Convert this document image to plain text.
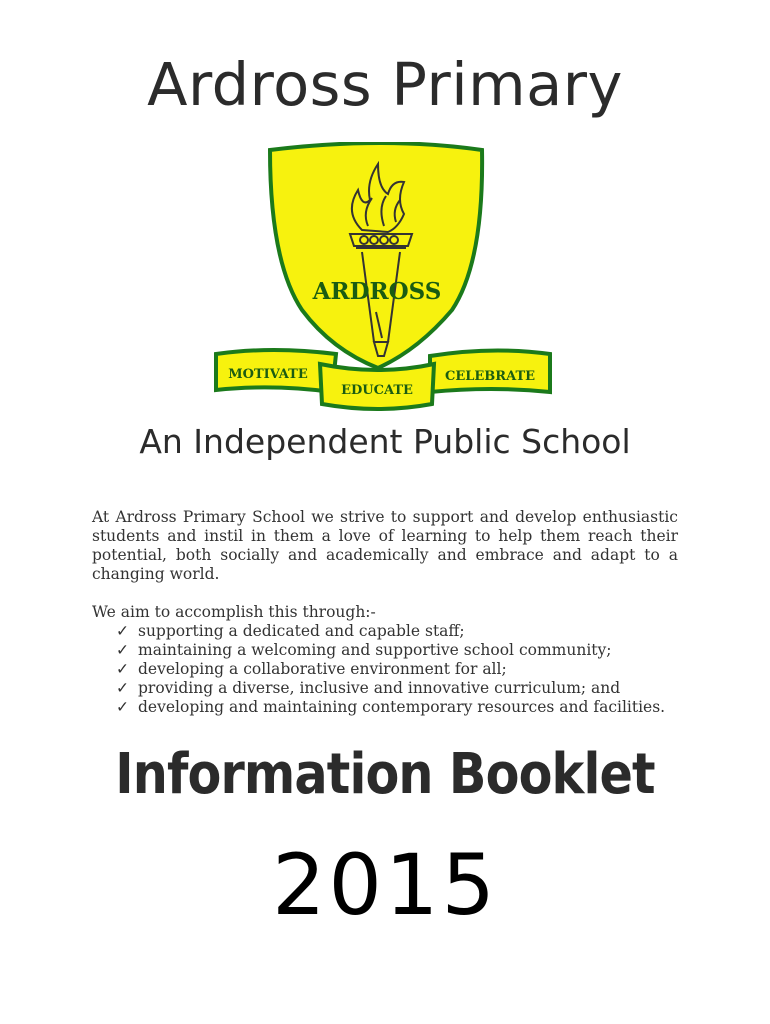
Ardross Primary
ARDROSS
MOTIVATE
EDUCATE
CELEBRATE
An Independent Public School

At Ardross Primary School we strive to support and develop enthusiastic students and instil in them a love of learning to help them reach their potential, both socially and academically and embrace and adapt to a changing world.

We aim to accomplish this through:-

✓ supporting a dedicated and capable staff;
✓ maintaining a welcoming and supportive school community;
✓ developing a collaborative environment for all;
✓ providing a diverse, inclusive and innovative curriculum; and
✓ developing and maintaining contemporary resources and facilities.
Information Booklet
2015
